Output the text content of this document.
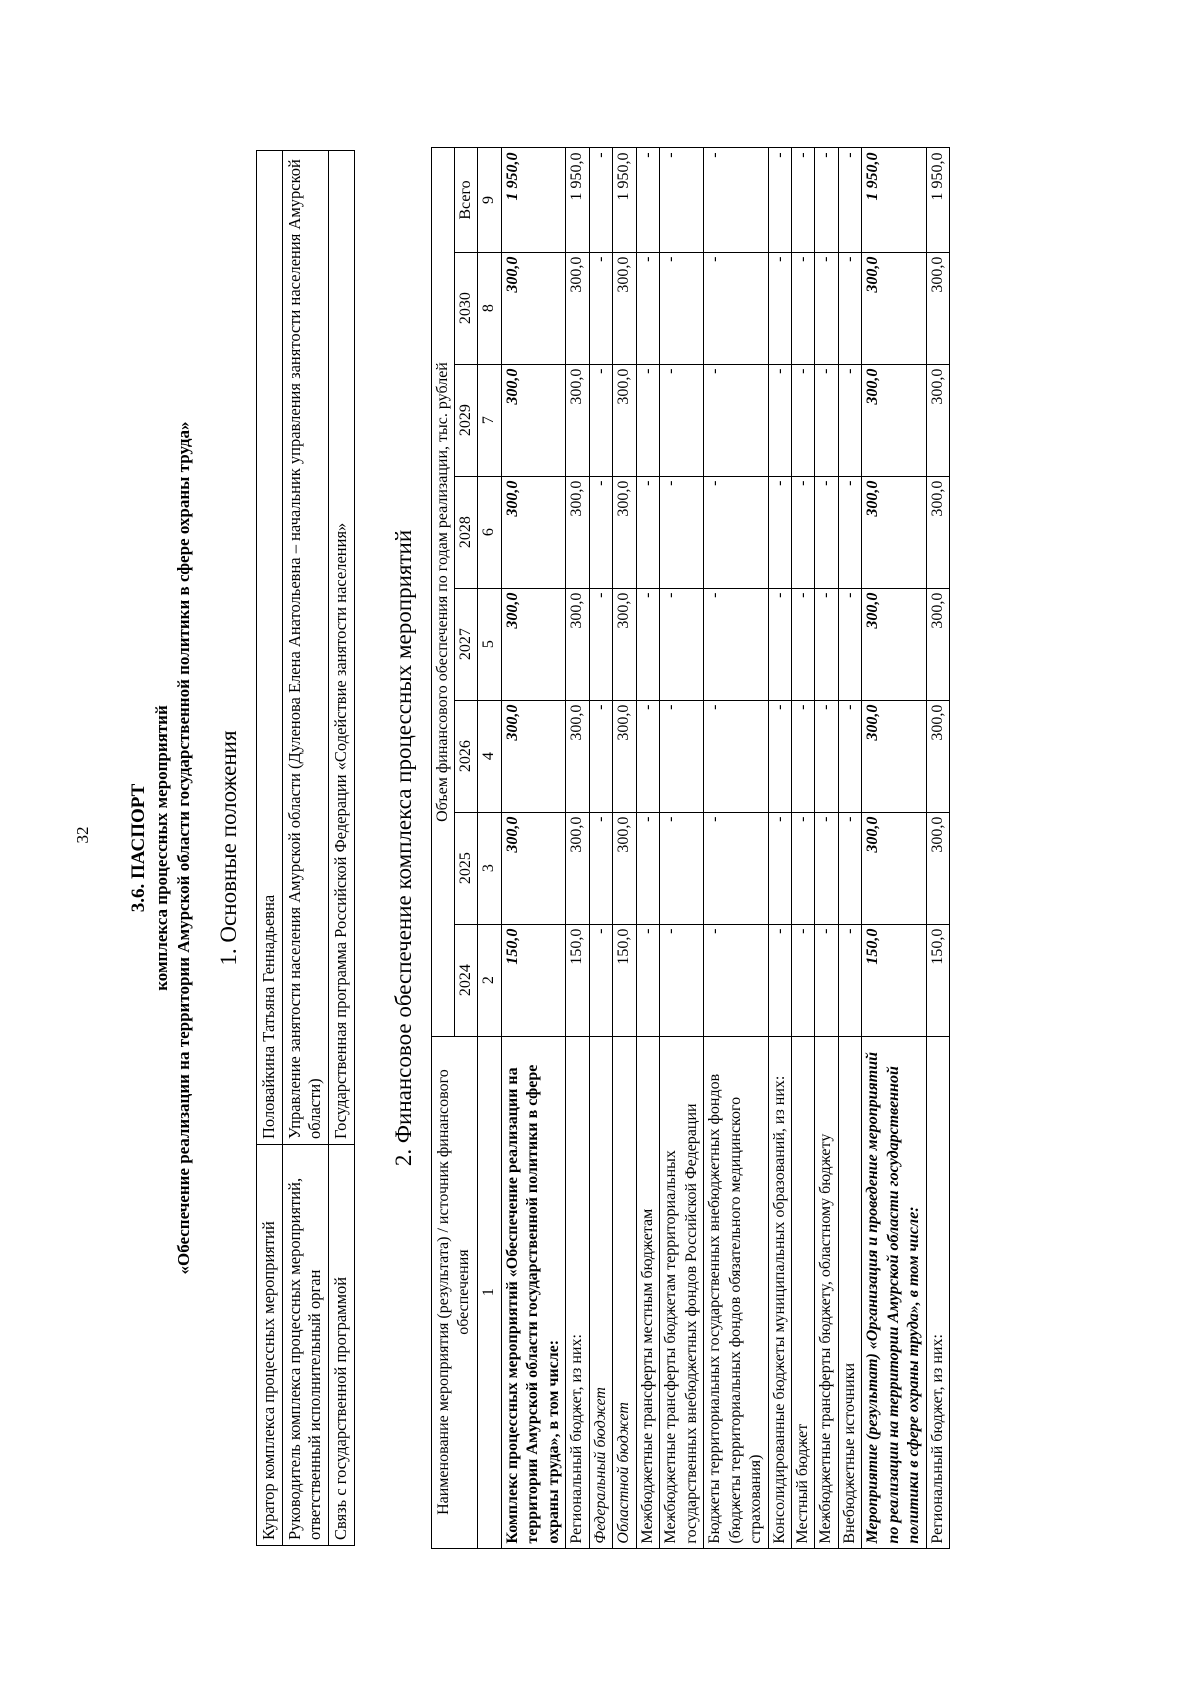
32 3.6. ПАСПОРТ комплекса процессных мероприятий «Обеспечение реализации на территории Амурской области государственной политики в сфере охраны труда» 1. Основные положения
Куратор комплекса процессных мероприятий	Половайкина Татьяна Геннадьевна
Руководитель комплекса процессных мероприятий, ответственный исполнительный орган	Управление занятости населения Амурской области (Дуленова Елена Анатольевна – начальник управления занятости населения Амурской области)
Связь с государственной программой	Государственная программа Российской Федерации «Содействие занятости населения» 2. Финансовое обеспечение комплекса процессных мероприятий
Наименование мероприятия (результата) / источник финансового обеспечения	Объем финансового обеспечения по годам реализации, тыс. рублей							
	2024	2025	2026	2027	2028	2029	2030	Всего
1	2	3	4	5	6	7	8	9
Комплекс процессных мероприятий «Обеспечение реализации на территории Амурской области государственной политики в сфере охраны труда», в том числе:	150,0	300,0	300,0	300,0	300,0	300,0	300,0	1 950,0
Региональный бюджет, из них:	150,0	300,0	300,0	300,0	300,0	300,0	300,0	1 950,0
Федеральный бюджет	-	-	-	-	-	-	-	-
Областной бюджет	150,0	300,0	300,0	300,0	300,0	300,0	300,0	1 950,0
Межбюджетные трансферты местным бюджетам	-	-	-	-	-	-	-	-
Межбюджетные трансферты бюджетам территориальных государственных внебюджетных фондов Российской Федерации	-	-	-	-	-	-	-	-
Бюджеты территориальных государственных внебюджетных фондов (бюджеты территориальных фондов обязательного медицинского страхования)	-	-	-	-	-	-	-	-
Консолидированные бюджеты муниципальных образований, из них:	-	-	-	-	-	-	-	-
Местный бюджет	-	-	-	-	-	-	-	-
Межбюджетные трансферты бюджету, областному бюджету	-	-	-	-	-	-	-	-
Внебюджетные источники	-	-	-	-	-	-	-	-
Мероприятие (результат) «Организация и проведение мероприятий по реализации на территории Амурской области государственной политики в сфере охраны труда», в том числе:	150,0	300,0	300,0	300,0	300,0	300,0	300,0	1 950,0
Региональный бюджет, из них:	150,0	300,0	300,0	300,0	300,0	300,0	300,0	1 950,0
